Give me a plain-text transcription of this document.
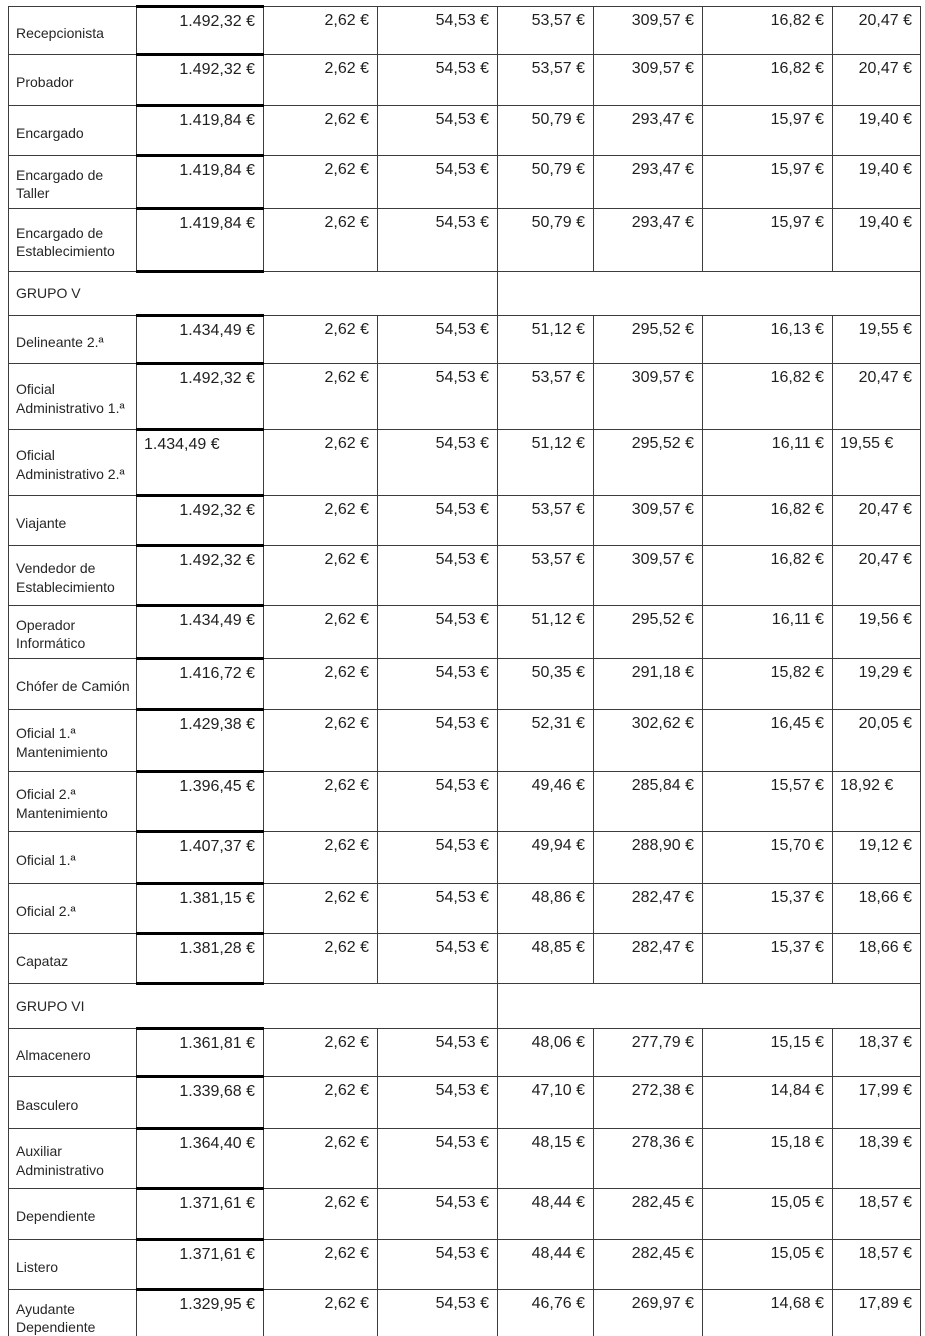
Recepcionista	1.492,32 €	2,62 €	54,53 €	53,57 €	309,57 €	16,82 €	20,47 €
Probador	1.492,32 €	2,62 €	54,53 €	53,57 €	309,57 €	16,82 €	20,47 €
Encargado	1.419,84 €	2,62 €	54,53 €	50,79 €	293,47 €	15,97 €	19,40 €
Encargado de Taller	1.419,84 €	2,62 €	54,53 €	50,79 €	293,47 €	15,97 €	19,40 €
Encargado de Establecimiento	1.419,84 €	2,62 €	54,53 €	50,79 €	293,47 €	15,97 €	19,40 €
GRUPO V							
Delineante 2.ª	1.434,49 €	2,62 €	54,53 €	51,12 €	295,52 €	16,13 €	19,55 €
Oficial Administrativo 1.ª	1.492,32 €	2,62 €	54,53 €	53,57 €	309,57 €	16,82 €	20,47 €
Oficial Administrativo 2.ª	1.434,49 €	2,62 €	54,53 €	51,12 €	295,52 €	16,11 €	19,55 €
Viajante	1.492,32 €	2,62 €	54,53 €	53,57 €	309,57 €	16,82 €	20,47 €
Vendedor de Establecimiento	1.492,32 €	2,62 €	54,53 €	53,57 €	309,57 €	16,82 €	20,47 €
Operador Informático	1.434,49 €	2,62 €	54,53 €	51,12 €	295,52 €	16,11 €	19,56 €
Chófer de Camión	1.416,72 €	2,62 €	54,53 €	50,35 €	291,18 €	15,82 €	19,29 €
Oficial 1.ª Mantenimiento	1.429,38 €	2,62 €	54,53 €	52,31 €	302,62 €	16,45 €	20,05 €
Oficial 2.ª Mantenimiento	1.396,45 €	2,62 €	54,53 €	49,46 €	285,84 €	15,57 €	18,92 €
Oficial 1.ª	1.407,37 €	2,62 €	54,53 €	49,94 €	288,90 €	15,70 €	19,12 €
Oficial 2.ª	1.381,15 €	2,62 €	54,53 €	48,86 €	282,47 €	15,37 €	18,66 €
Capataz	1.381,28 €	2,62 €	54,53 €	48,85 €	282,47 €	15,37 €	18,66 €
GRUPO VI							
Almacenero	1.361,81 €	2,62 €	54,53 €	48,06 €	277,79 €	15,15 €	18,37 €
Basculero	1.339,68 €	2,62 €	54,53 €	47,10 €	272,38 €	14,84 €	17,99 €
Auxiliar Administrativo	1.364,40 €	2,62 €	54,53 €	48,15 €	278,36 €	15,18 €	18,39 €
Dependiente	1.371,61 €	2,62 €	54,53 €	48,44 €	282,45 €	15,05 €	18,57 €
Listero	1.371,61 €	2,62 €	54,53 €	48,44 €	282,45 €	15,05 €	18,57 €
Ayudante Dependiente	1.329,95 €	2,62 €	54,53 €	46,76 €	269,97 €	14,68 €	17,89 €
